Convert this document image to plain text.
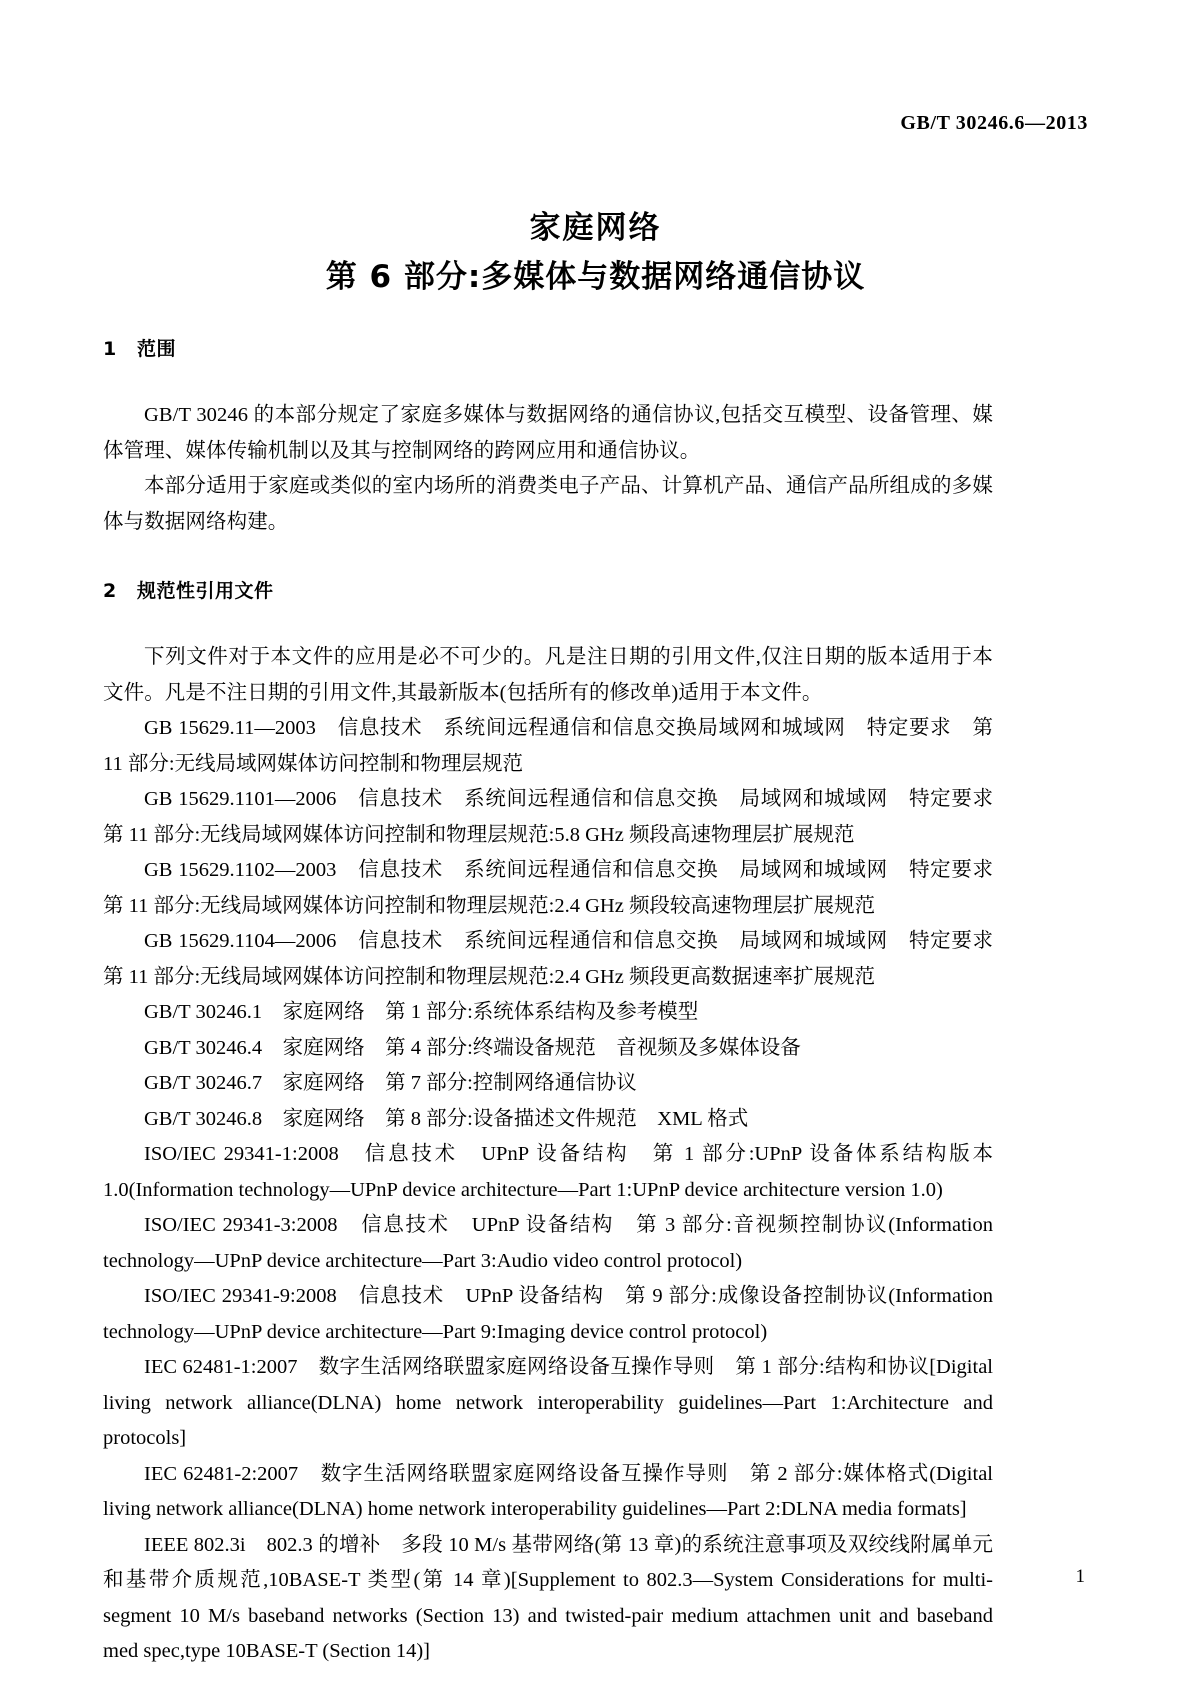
GB/T 30246.6—2013
家庭网络
第 6 部分:多媒体与数据网络通信协议
1 范围

GB/T 30246 的本部分规定了家庭多媒体与数据网络的通信协议,包括交互模型、设备管理、媒体管理、媒体传输机制以及其与控制网络的跨网应用和通信协议。

本部分适用于家庭或类似的室内场所的消费类电子产品、计算机产品、通信产品所组成的多媒体与数据网络构建。

2 规范性引用文件

下列文件对于本文件的应用是必不可少的。凡是注日期的引用文件,仅注日期的版本适用于本文件。凡是不注日期的引用文件,其最新版本(包括所有的修改单)适用于本文件。

GB 15629.11—2003　信息技术　系统间远程通信和信息交换局域网和城域网　特定要求　第 11 部分:无线局域网媒体访问控制和物理层规范

GB 15629.1101—2006　信息技术　系统间远程通信和信息交换　局域网和城域网　特定要求　第 11 部分:无线局域网媒体访问控制和物理层规范:5.8 GHz 频段高速物理层扩展规范

GB 15629.1102—2003　信息技术　系统间远程通信和信息交换　局域网和城域网　特定要求　第 11 部分:无线局域网媒体访问控制和物理层规范:2.4 GHz 频段较高速物理层扩展规范

GB 15629.1104—2006　信息技术　系统间远程通信和信息交换　局域网和城域网　特定要求　第 11 部分:无线局域网媒体访问控制和物理层规范:2.4 GHz 频段更高数据速率扩展规范

GB/T 30246.1　家庭网络　第 1 部分:系统体系结构及参考模型

GB/T 30246.4　家庭网络　第 4 部分:终端设备规范　音视频及多媒体设备

GB/T 30246.7　家庭网络　第 7 部分:控制网络通信协议

GB/T 30246.8　家庭网络　第 8 部分:设备描述文件规范　XML 格式

ISO/IEC 29341-1:2008　信息技术　UPnP 设备结构　第 1 部分:UPnP 设备体系结构版本 1.0(Information technology—UPnP device architecture—Part 1:UPnP device architecture version 1.0)

ISO/IEC 29341-3:2008　信息技术　UPnP 设备结构　第 3 部分:音视频控制协议(Information technology—UPnP device architecture—Part 3:Audio video control protocol)

ISO/IEC 29341-9:2008　信息技术　UPnP 设备结构　第 9 部分:成像设备控制协议(Information technology—UPnP device architecture—Part 9:Imaging device control protocol)

IEC 62481-1:2007　数字生活网络联盟家庭网络设备互操作导则　第 1 部分:结构和协议[Digital living network alliance(DLNA) home network interoperability guidelines—Part 1:Architecture and protocols]

IEC 62481-2:2007　数字生活网络联盟家庭网络设备互操作导则　第 2 部分:媒体格式(Digital living network alliance(DLNA) home network interoperability guidelines—Part 2:DLNA media formats]

IEEE 802.3i　802.3 的增补　多段 10 M/s 基带网络(第 13 章)的系统注意事项及双绞线附属单元和基带介质规范,10BASE-T 类型(第 14 章)[Supplement to 802.3—System Considerations for multi-segment 10 M/s baseband networks (Section 13) and twisted-pair medium attachmen unit and baseband med spec,type 10BASE-T (Section 14)]

1
